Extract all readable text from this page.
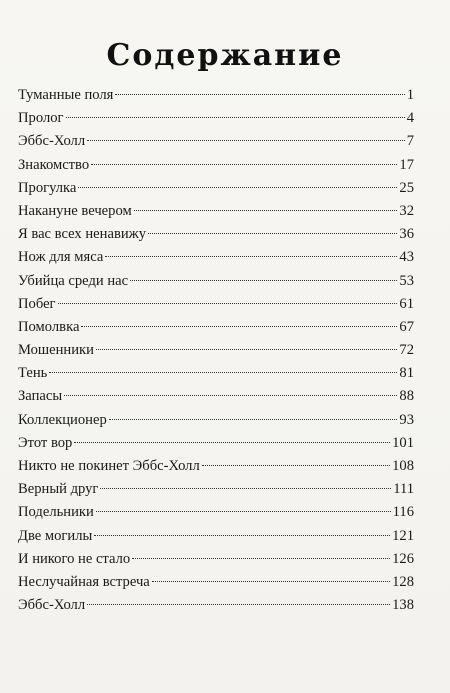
Содержание
Туманные поля	1
Пролог	4
Эббс-Холл	7
Знакомство	17
Прогулка	25
Накануне вечером	32
Я вас всех ненавижу	36
Нож для мяса	43
Убийца среди нас	53
Побег	61
Помолвка	67
Мошенники	72
Тень	81
Запасы	88
Коллекционер	93
Этот вор	101
Никто не покинет Эббс-Холл	108
Верный друг	111
Подельники	116
Две могилы	121
И никого не стало	126
Неслучайная встреча	128
Эббс-Холл	138
